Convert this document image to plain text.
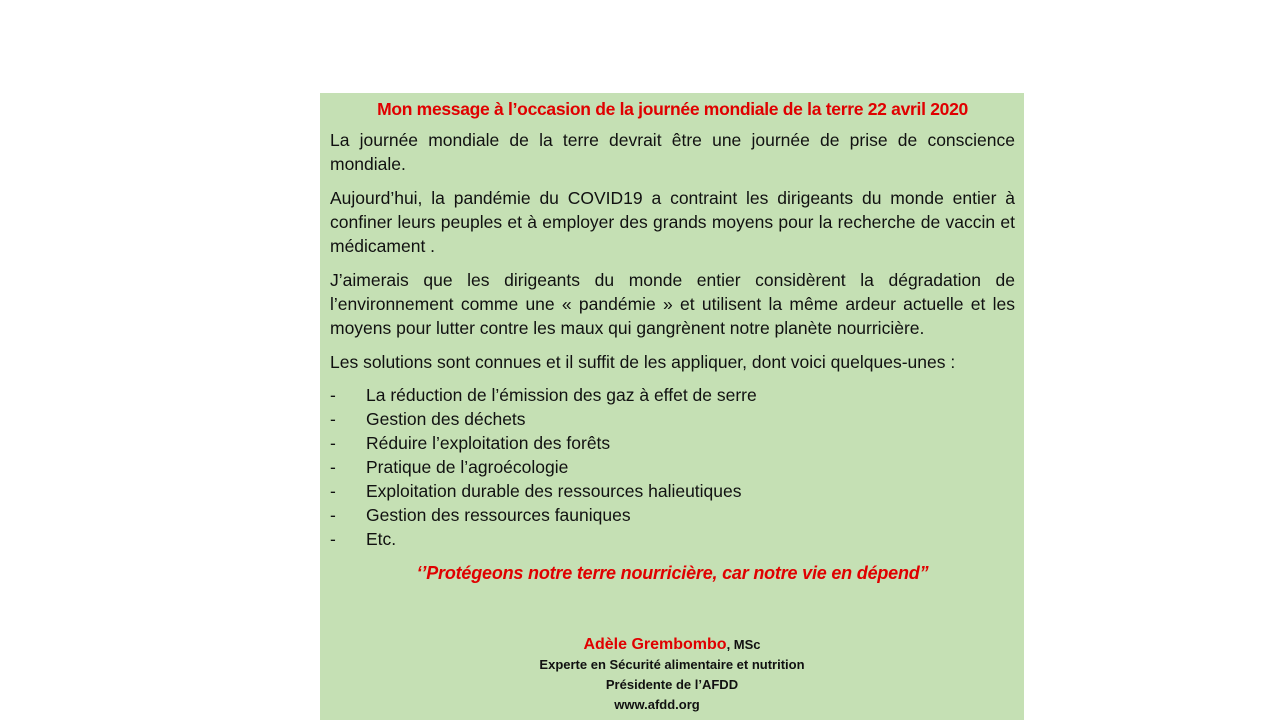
Mon message à l’occasion de la journée mondiale de la terre 22 avril 2020

La journée mondiale de la terre devrait être une journée de prise de conscience mondiale.

Aujourd’hui, la pandémie du COVID19 a contraint les dirigeants du monde entier à confiner leurs peuples et à employer des grands moyens pour la recherche de vaccin et médicament .

J’aimerais que les dirigeants du monde entier considèrent la dégradation de l’environnement comme une « pandémie » et utilisent la même ardeur actuelle et les moyens pour lutter contre les maux qui gangrènent notre planète nourricière.

Les solutions sont connues et il suffit de les appliquer, dont voici quelques-unes :

-	La réduction de l’émission des gaz à effet de serre
-	Gestion des déchets
-	Réduire l’exploitation des forêts
-	Pratique de l’agroécologie
-	Exploitation durable des ressources halieutiques
-	Gestion des ressources fauniques
-	Etc.

‘’Protégeons notre terre nourricière, car notre vie en dépend”

Adèle Grembombo, MSc
Experte en Sécurité alimentaire et nutrition
Présidente de l’AFDD
www.afdd.org
